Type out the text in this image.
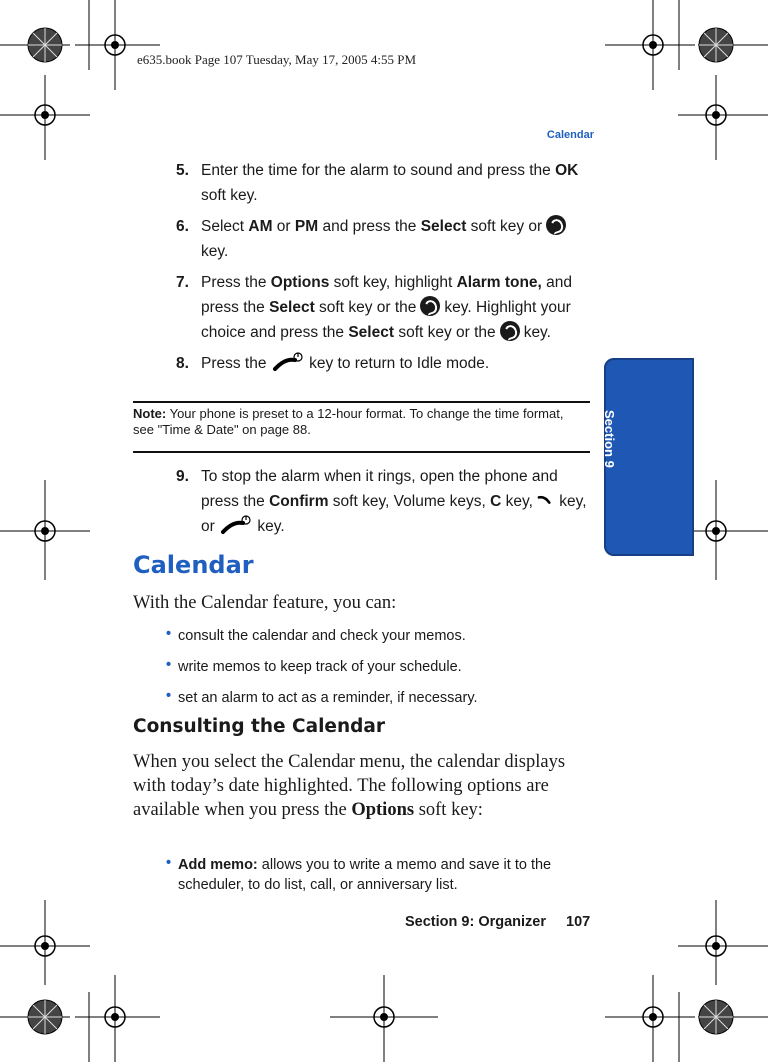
e635.book Page 107 Tuesday, May 17, 2005 4:55 PM
Calendar
Section 9
5. Enter the time for the alarm to sound and press the OK
soft key.
6. Select AM or PM and press the Select soft key or
key.
7. Press the Options soft key, highlight Alarm tone, and
press the Select soft key or the key. Highlight your
choice and press the Select soft key or the key.
8. Press the	key to return to Idle mode.
Note: Your phone is preset to a 12-hour format. To change the time format, see "Time & Date" on page 88.
9. To stop the alarm when it rings, open the phone and
press the Confirm soft key, Volume keys, C key, key,
or	key.
Calendar
With the Calendar feature, you can:
• consult the calendar and check your memos.
• write memos to keep track of your schedule.
• set an alarm to act as a reminder, if necessary.
Consulting the Calendar
When you select the Calendar menu, the calendar displays with today’s date highlighted. The following options are available when you press the Options soft key:
• Add memo: allows you to write a memo and save it to the scheduler, to do list, call, or anniversary list.
Section 9: Organizer 107
